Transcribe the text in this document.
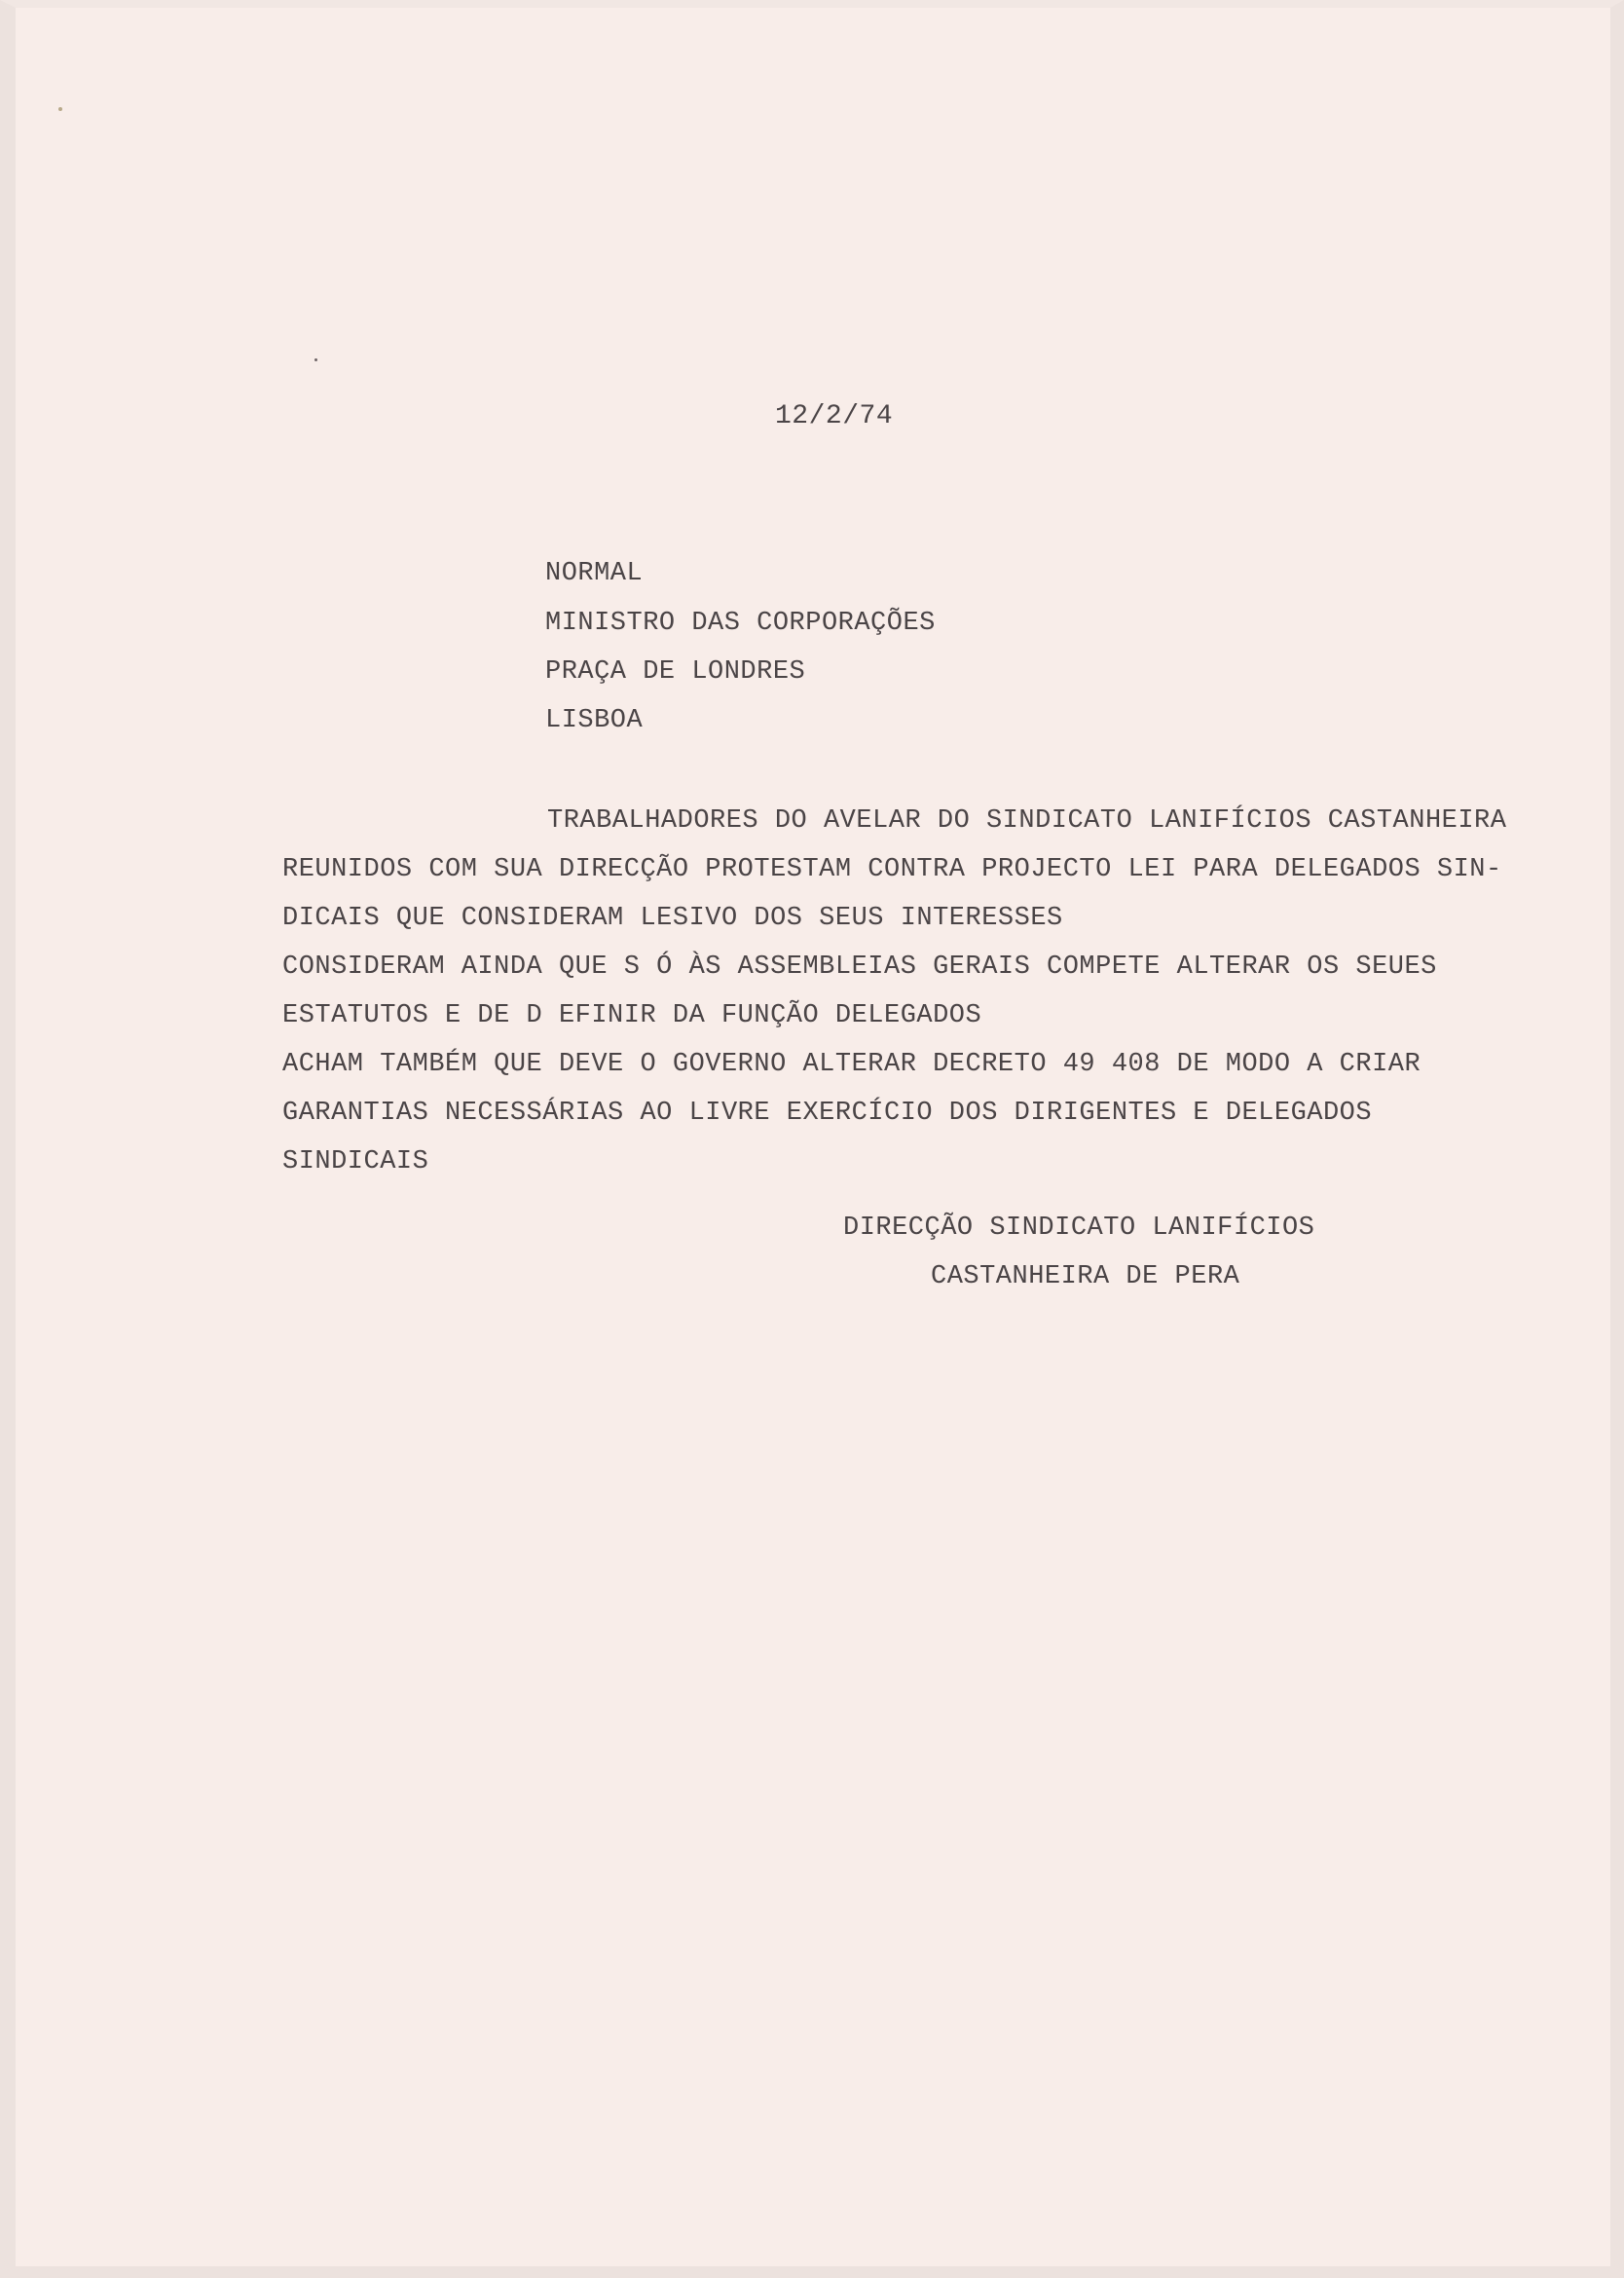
12/2/74
NORMAL
MINISTRO DAS CORPORAÇÕES
PRAÇA DE LONDRES
LISBOA
TRABALHADORES DO AVELAR DO SINDICATO LANIFÍCIOS CASTANHEIRA
REUNIDOS COM SUA DIRECÇÃO PROTESTAM CONTRA PROJECTO LEI PARA DELEGADOS SIN-
DICAIS QUE CONSIDERAM LESIVO DOS SEUS INTERESSES
CONSIDERAM AINDA QUE S Ó ÀS ASSEMBLEIAS GERAIS COMPETE ALTERAR OS SEUES
ESTATUTOS E DE D EFINIR DA FUNÇÃO DELEGADOS
ACHAM TAMBÉM QUE DEVE O GOVERNO ALTERAR DECRETO 49 408 DE MODO A CRIAR
GARANTIAS NECESSÁRIAS AO LIVRE EXERCÍCIO DOS DIRIGENTES E DELEGADOS
SINDICAIS
DIRECÇÃO SINDICATO LANIFÍCIOS
CASTANHEIRA DE PERA
